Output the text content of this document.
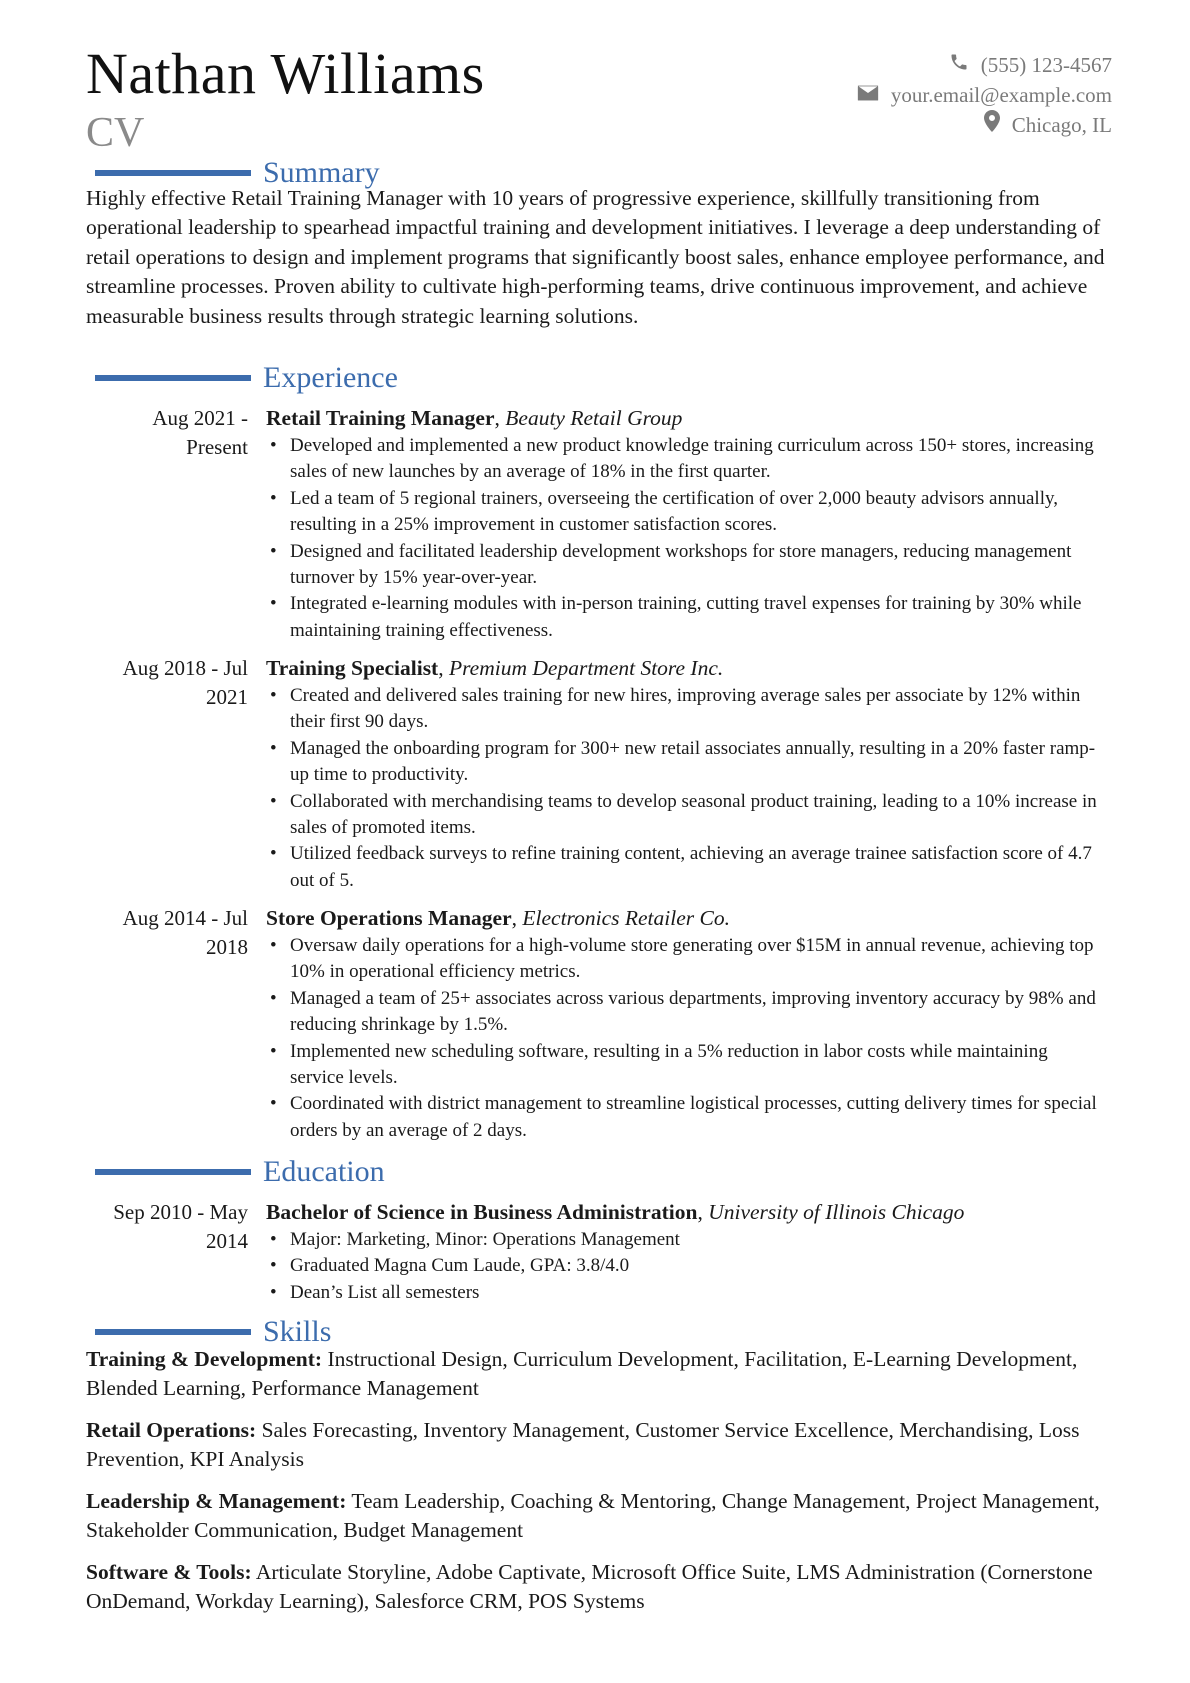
Nathan Williams
CV
(555) 123-4567
your.email@example.com
Chicago, IL
Summary
Highly effective Retail Training Manager with 10 years of progressive experience, skillfully transitioning from operational leadership to spearhead impactful training and development initiatives. I leverage a deep understanding of retail operations to design and implement programs that significantly boost sales, enhance employee performance, and streamline processes. Proven ability to cultivate high-performing teams, drive continuous improvement, and achieve measurable business results through strategic learning solutions.
Experience
Aug 2021 - Present
Retail Training Manager, Beauty Retail Group
• Developed and implemented a new product knowledge training curriculum across 150+ stores, increasing sales of new launches by an average of 18% in the first quarter.
• Led a team of 5 regional trainers, overseeing the certification of over 2,000 beauty advisors annually, resulting in a 25% improvement in customer satisfaction scores.
• Designed and facilitated leadership development workshops for store managers, reducing management turnover by 15% year-over-year.
• Integrated e-learning modules with in-person training, cutting travel expenses for training by 30% while maintaining training effectiveness.
Aug 2018 - Jul 2021
Training Specialist, Premium Department Store Inc.
• Created and delivered sales training for new hires, improving average sales per associate by 12% within their first 90 days.
• Managed the onboarding program for 300+ new retail associates annually, resulting in a 20% faster ramp-up time to productivity.
• Collaborated with merchandising teams to develop seasonal product training, leading to a 10% increase in sales of promoted items.
• Utilized feedback surveys to refine training content, achieving an average trainee satisfaction score of 4.7 out of 5.
Aug 2014 - Jul 2018
Store Operations Manager, Electronics Retailer Co.
• Oversaw daily operations for a high-volume store generating over $15M in annual revenue, achieving top 10% in operational efficiency metrics.
• Managed a team of 25+ associates across various departments, improving inventory accuracy by 98% and reducing shrinkage by 1.5%.
• Implemented new scheduling software, resulting in a 5% reduction in labor costs while maintaining service levels.
• Coordinated with district management to streamline logistical processes, cutting delivery times for special orders by an average of 2 days.
Education
Sep 2010 - May 2014
Bachelor of Science in Business Administration, University of Illinois Chicago
• Major: Marketing, Minor: Operations Management
• Graduated Magna Cum Laude, GPA: 3.8/4.0
• Dean’s List all semesters
Skills
Training & Development: Instructional Design, Curriculum Development, Facilitation, E-Learning Development, Blended Learning, Performance Management
Retail Operations: Sales Forecasting, Inventory Management, Customer Service Excellence, Merchandising, Loss Prevention, KPI Analysis
Leadership & Management: Team Leadership, Coaching & Mentoring, Change Management, Project Management, Stakeholder Communication, Budget Management
Software & Tools: Articulate Storyline, Adobe Captivate, Microsoft Office Suite, LMS Administration (Cornerstone OnDemand, Workday Learning), Salesforce CRM, POS Systems
